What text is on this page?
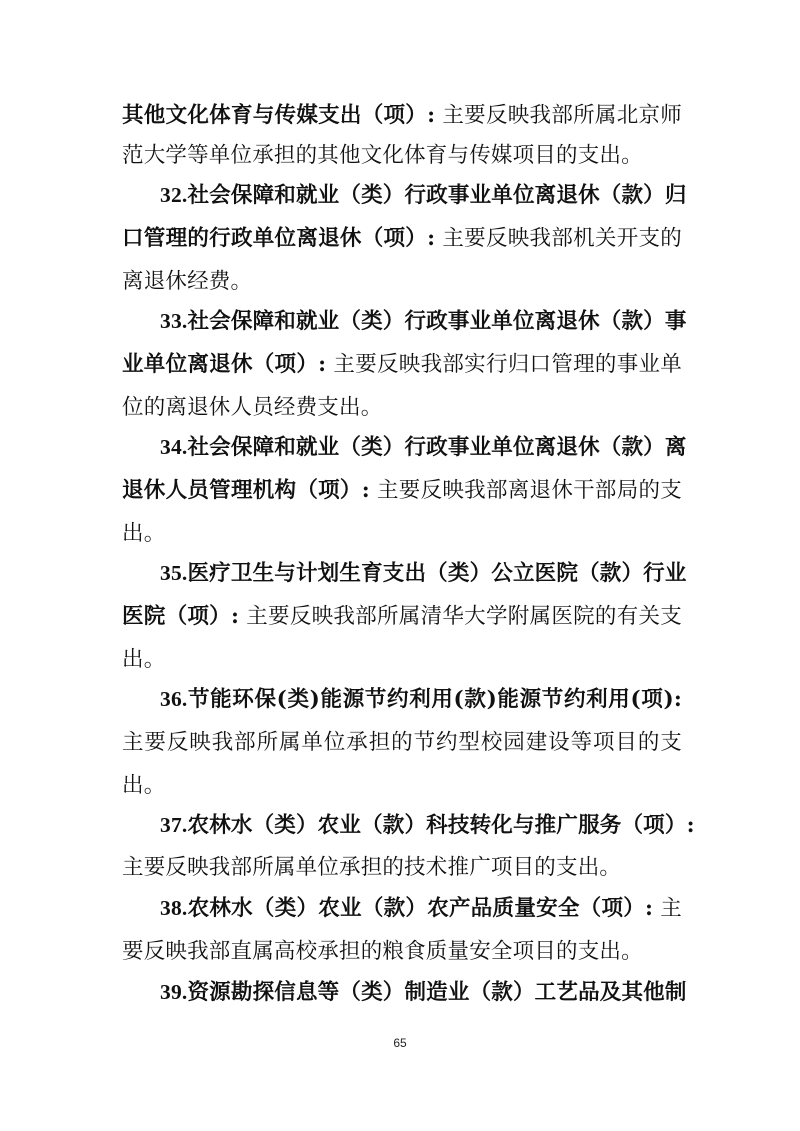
其他文化体育与传媒支出（项）: 主要反映我部所属北京师
范大学等单位承担的其他文化体育与传媒项目的支出。
32.社会保障和就业（类）行政事业单位离退休（款）归
口管理的行政单位离退休（项）: 主要反映我部机关开支的
离退休经费。
33.社会保障和就业（类）行政事业单位离退休（款）事
业单位离退休（项）: 主要反映我部实行归口管理的事业单
位的离退休人员经费支出。
34.社会保障和就业（类）行政事业单位离退休（款）离
退休人员管理机构（项）: 主要反映我部离退休干部局的支
出。
35.医疗卫生与计划生育支出（类）公立医院（款）行业
医院（项）: 主要反映我部所属清华大学附属医院的有关支
出。
36.节能环保(类)能源节约利用(款)能源节约利用(项):
主要反映我部所属单位承担的节约型校园建设等项目的支
出。
37.农林水（类）农业（款）科技转化与推广服务（项）:
主要反映我部所属单位承担的技术推广项目的支出。
38.农林水（类）农业（款）农产品质量安全（项）: 主
要反映我部直属高校承担的粮食质量安全项目的支出。
39.资源勘探信息等（类）制造业（款）工艺品及其他制
65
